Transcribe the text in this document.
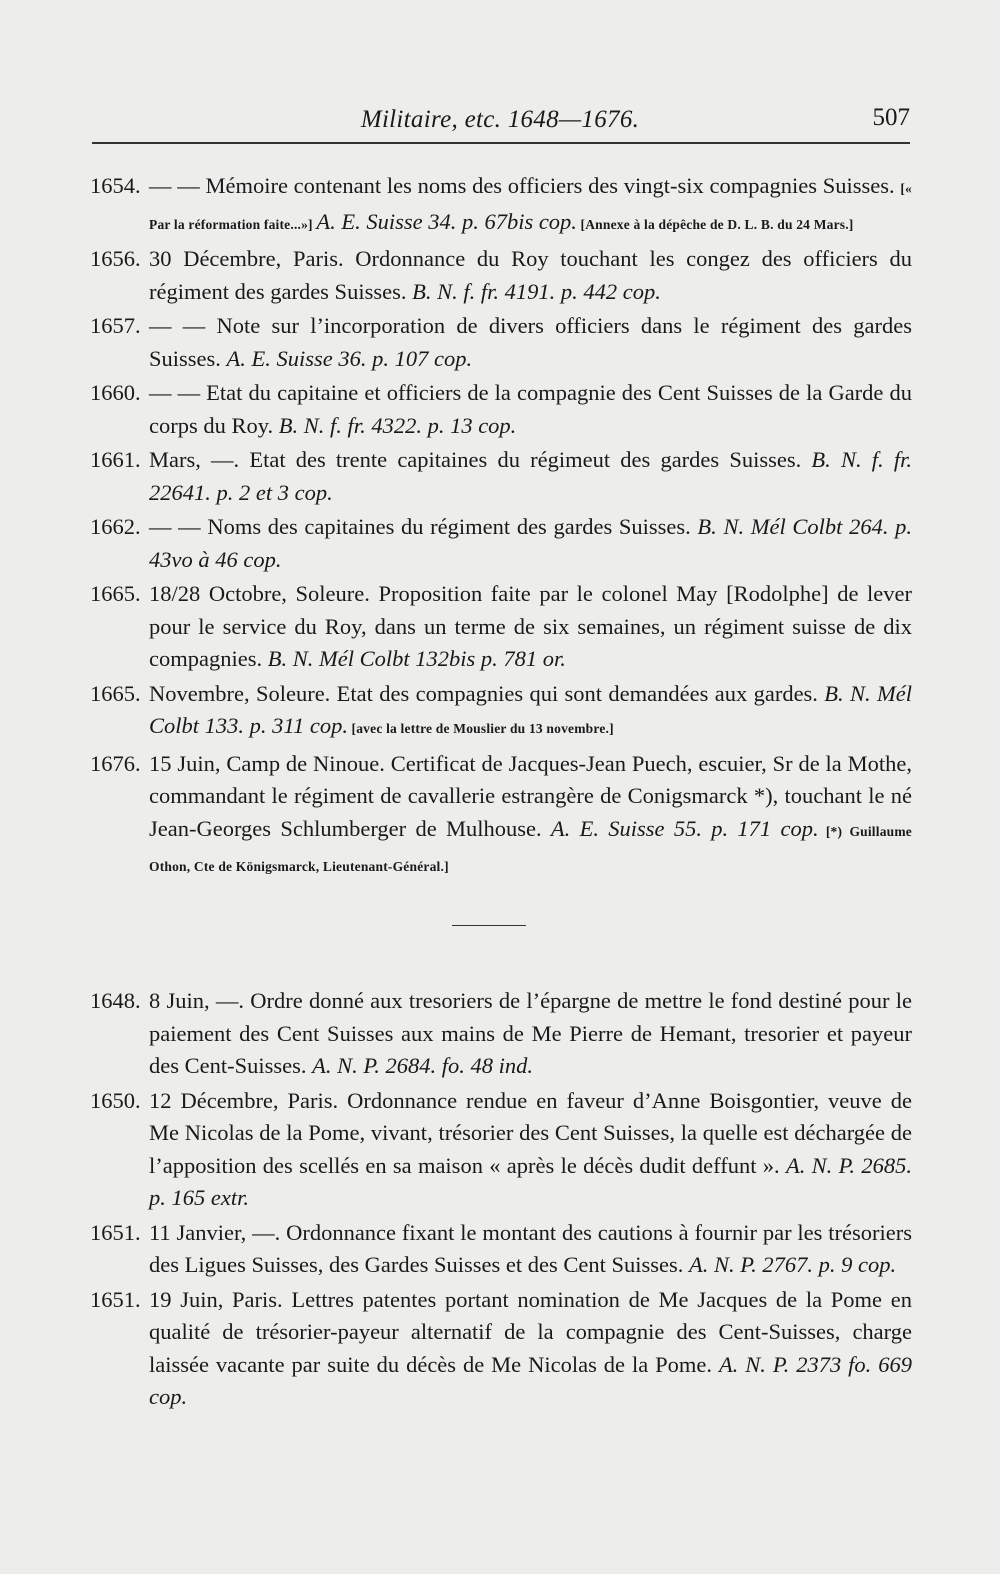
Militaire, etc. 1648—1676.	507
1654. — — Mémoire contenant les noms des officiers des vingt-six compagnies Suisses. [« Par la réformation faite...»] A. E. Suisse 34. p. 67bis cop. [Annexe à la dépêche de D. L. B. du 24 Mars.]
1656. 30 Décembre, Paris. Ordonnance du Roy touchant les congez des officiers du régiment des gardes Suisses. B. N. f. fr. 4191. p. 442 cop.
1657. — — Note sur l’incorporation de divers officiers dans le régiment des gardes Suisses. A. E. Suisse 36. p. 107 cop.
1660. — — Etat du capitaine et officiers de la compagnie des Cent Suisses de la Garde du corps du Roy. B. N. f. fr. 4322. p. 13 cop.
1661. Mars, —. Etat des trente capitaines du régimeut des gardes Suisses. B. N. f. fr. 22641. p. 2 et 3 cop.
1662. — — Noms des capitaines du régiment des gardes Suisses. B. N. Mél Colbt 264. p. 43vo à 46 cop.
1665. 18/28 Octobre, Soleure. Proposition faite par le colonel May [Rodolphe] de lever pour le service du Roy, dans un terme de six semaines, un régiment suisse de dix compagnies. B. N. Mél Colbt 132bis p. 781 or.
1665. Novembre, Soleure. Etat des compagnies qui sont demandées aux gardes. B. N. Mél Colbt 133. p. 311 cop. [avec la lettre de Mouslier du 13 novembre.]
1676. 15 Juin, Camp de Ninoue. Certificat de Jacques-Jean Puech, escuier, Sr de la Mothe, commandant le régiment de cavallerie estrangère de Conigsmarck *), touchant le né Jean-Georges Schlumberger de Mulhouse. A. E. Suisse 55. p. 171 cop. [*) Guillaume Othon, Cte de Königsmarck, Lieutenant-Général.]
1648. 8 Juin, —. Ordre donné aux tresoriers de l’épargne de mettre le fond destiné pour le paiement des Cent Suisses aux mains de Me Pierre de Hemant, tresorier et payeur des Cent-Suisses. A. N. P. 2684. fo. 48 ind.
1650. 12 Décembre, Paris. Ordonnance rendue en faveur d’Anne Boisgontier, veuve de Me Nicolas de la Pome, vivant, trésorier des Cent Suisses, la quelle est déchargée de l’apposition des scellés en sa maison « après le décès dudit deffunt ». A. N. P. 2685. p. 165 extr.
1651. 11 Janvier, —. Ordonnance fixant le montant des cautions à fournir par les trésoriers des Ligues Suisses, des Gardes Suisses et des Cent Suisses. A. N. P. 2767. p. 9 cop.
1651. 19 Juin, Paris. Lettres patentes portant nomination de Me Jacques de la Pome en qualité de trésorier-payeur alternatif de la compagnie des Cent-Suisses, charge laissée vacante par suite du décès de Me Nicolas de la Pome. A. N. P. 2373 fo. 669 cop.
